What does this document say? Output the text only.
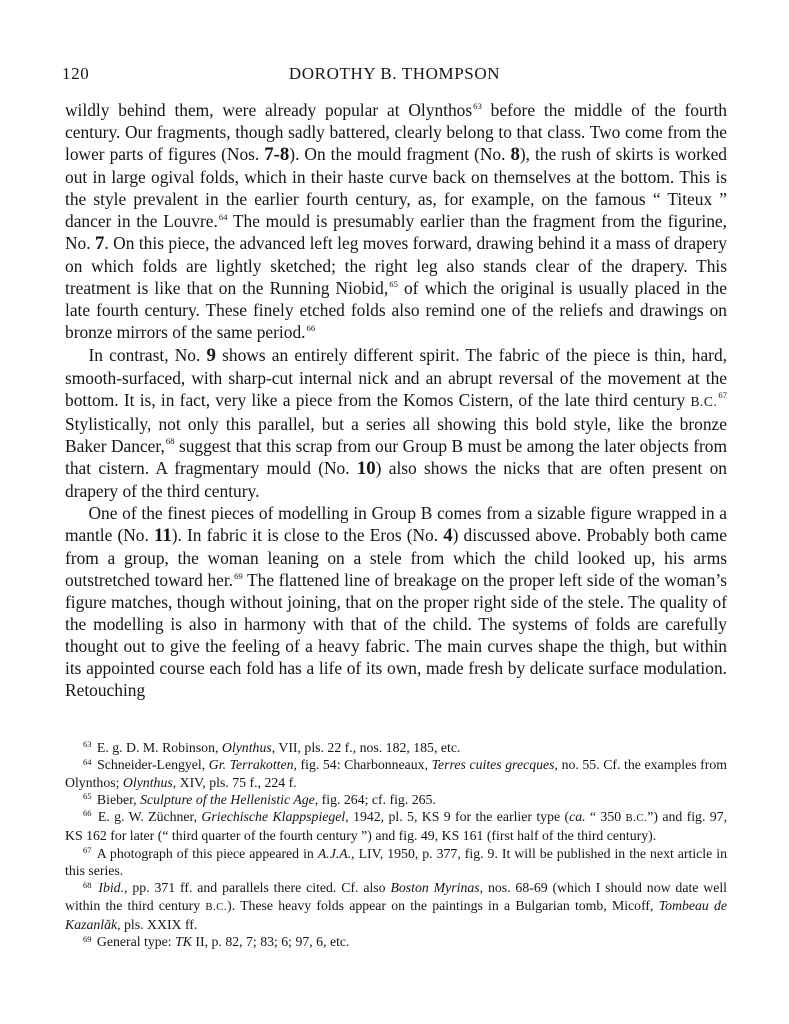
120	DOROTHY B. THOMPSON

wildly behind them, were already popular at Olynthos$^{63}$ before the middle of the fourth century. Our fragments, though sadly battered, clearly belong to that class. Two come from the lower parts of figures (Nos. 7-8). On the mould fragment (No. 8), the rush of skirts is worked out in large ogival folds, which in their haste curve back on themselves at the bottom. This is the style prevalent in the earlier fourth century, as, for example, on the famous “ Titeux ” dancer in the Louvre.$^{64}$ The mould is presumably earlier than the fragment from the figurine, No. 7. On this piece, the advanced left leg moves forward, drawing behind it a mass of drapery on which folds are lightly sketched; the right leg also stands clear of the drapery. This treatment is like that on the Running Niobid,$^{65}$ of which the original is usually placed in the late fourth century. These finely etched folds also remind one of the reliefs and drawings on bronze mirrors of the same period.$^{66}$

In contrast, No. 9 shows an entirely different spirit. The fabric of the piece is thin, hard, smooth-surfaced, with sharp-cut internal nick and an abrupt reversal of the movement at the bottom. It is, in fact, very like a piece from the Komos Cistern, of the late third century B.C.$^{67}$ Stylistically, not only this parallel, but a series all showing this bold style, like the bronze Baker Dancer,$^{68}$ suggest that this scrap from our Group B must be among the later objects from that cistern. A fragmentary mould (No. 10) also shows the nicks that are often present on drapery of the third century.

One of the finest pieces of modelling in Group B comes from a sizable figure wrapped in a mantle (No. 11). In fabric it is close to the Eros (No. 4) discussed above. Probably both came from a group, the woman leaning on a stele from which the child looked up, his arms outstretched toward her.$^{69}$ The flattened line of breakage on the proper left side of the woman’s figure matches, though without joining, that on the proper right side of the stele. The quality of the modelling is also in harmony with that of the child. The systems of folds are carefully thought out to give the feeling of a heavy fabric. The main curves shape the thigh, but within its appointed course each fold has a life of its own, made fresh by delicate surface modulation. Retouching

$^{63}$ E. g. D. M. Robinson, Olynthus, VII, pls. 22 f., nos. 182, 185, etc.

$^{64}$ Schneider-Lengyel, Gr. Terrakotten, fig. 54: Charbonneaux, Terres cuites grecques, no. 55. Cf. the examples from Olynthos; Olynthus, XIV, pls. 75 f., 224 f.

$^{65}$ Bieber, Sculpture of the Hellenistic Age, fig. 264; cf. fig. 265.

$^{66}$ E. g. W. Züchner, Griechische Klappspiegel, 1942, pl. 5, KS 9 for the earlier type (ca. “ 350 B.C.”) and fig. 97, KS 162 for later (“ third quarter of the fourth century ”) and fig. 49, KS 161 (first half of the third century).

$^{67}$ A photograph of this piece appeared in A.J.A., LIV, 1950, p. 377, fig. 9. It will be published in the next article in this series.

$^{68}$ Ibid., pp. 371 ff. and parallels there cited. Cf. also Boston Myrinas, nos. 68-69 (which I should now date well within the third century B.C.). These heavy folds appear on the paintings in a Bulgarian tomb, Micoff, Tombeau de Kazanlăk, pls. XXIX ff.

$^{69}$ General type: TK II, p. 82, 7; 83; 6; 97, 6, etc.
